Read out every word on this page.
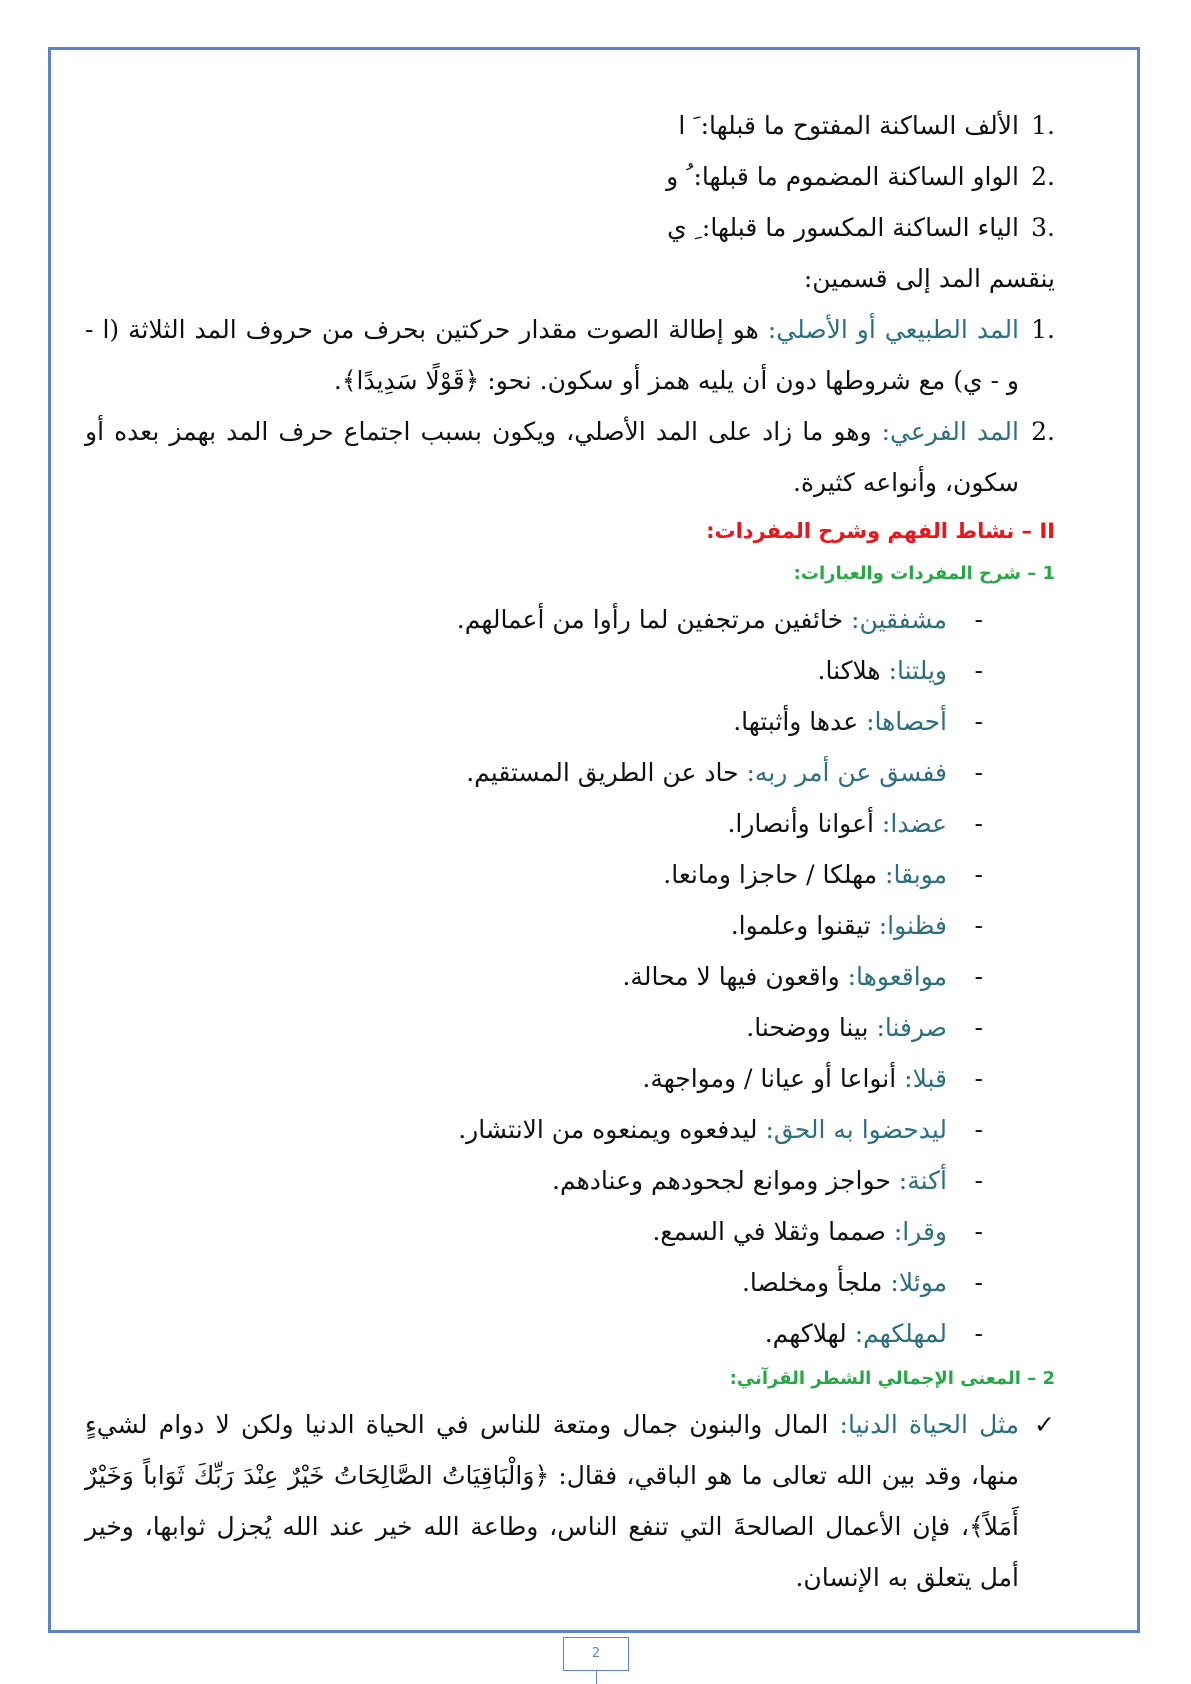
1.
الألف الساكنة المفتوح ما قبلها: َ ا
2.
الواو الساكنة المضموم ما قبلها: ُ و
3.
الياء الساكنة المكسور ما قبلها: ِ ي
ينقسم المد إلى قسمين:
1.
المد الطبيعي أو الأصلي: هو إطالة الصوت مقدار حركتين بحرف من حروف المد الثلاثة (ا - و - ي) مع شروطها دون أن يليه همز أو سكون. نحو: ﴿قَوْلًا سَدِيدًا﴾.
2.
المد الفرعي: وهو ما زاد على المد الأصلي، ويكون بسبب اجتماع حرف المد بهمز بعده أو سكون، وأنواعه كثيرة.
II – نشاط الفهم وشرح المفردات:
1 – شرح المفردات والعبارات:
-مشفقين: خائفين مرتجفين لما رأوا من أعمالهم.
-ويلتنا: هلاكنا.
-أحصاها: عدها وأثبتها.
-ففسق عن أمر ربه: حاد عن الطريق المستقيم.
-عضدا: أعوانا وأنصارا.
-موبقا: مهلكا / حاجزا ومانعا.
-فظنوا: تيقنوا وعلموا.
-مواقعوها: واقعون فيها لا محالة.
-صرفنا: بينا ووضحنا.
-قبلا: أنواعا أو عيانا / ومواجهة.
-ليدحضوا به الحق: ليدفعوه ويمنعوه من الانتشار.
-أكنة: حواجز وموانع لجحودهم وعنادهم.
-وقرا: صمما وثقلا في السمع.
-موئلا: ملجأ ومخلصا.
-لمهلكهم: لهلاكهم.
2 – المعنى الإجمالي الشطر القرآني:
✓
مثل الحياة الدنيا: المال والبنون جمال ومتعة للناس في الحياة الدنيا ولكن لا دوام لشيءٍ منها، وقد بين الله تعالى ما هو الباقي، فقال: ﴿وَالْبَاقِيَاتُ الصَّالِحَاتُ خَيْرٌ عِنْدَ رَبِّكَ ثَوَاباً وَخَيْرٌ أَمَلاً﴾، فإن الأعمال الصالحةَ التي تنفع الناس، وطاعة الله خير عند الله يُجزل ثوابها، وخير أمل يتعلق به الإنسان.
2
